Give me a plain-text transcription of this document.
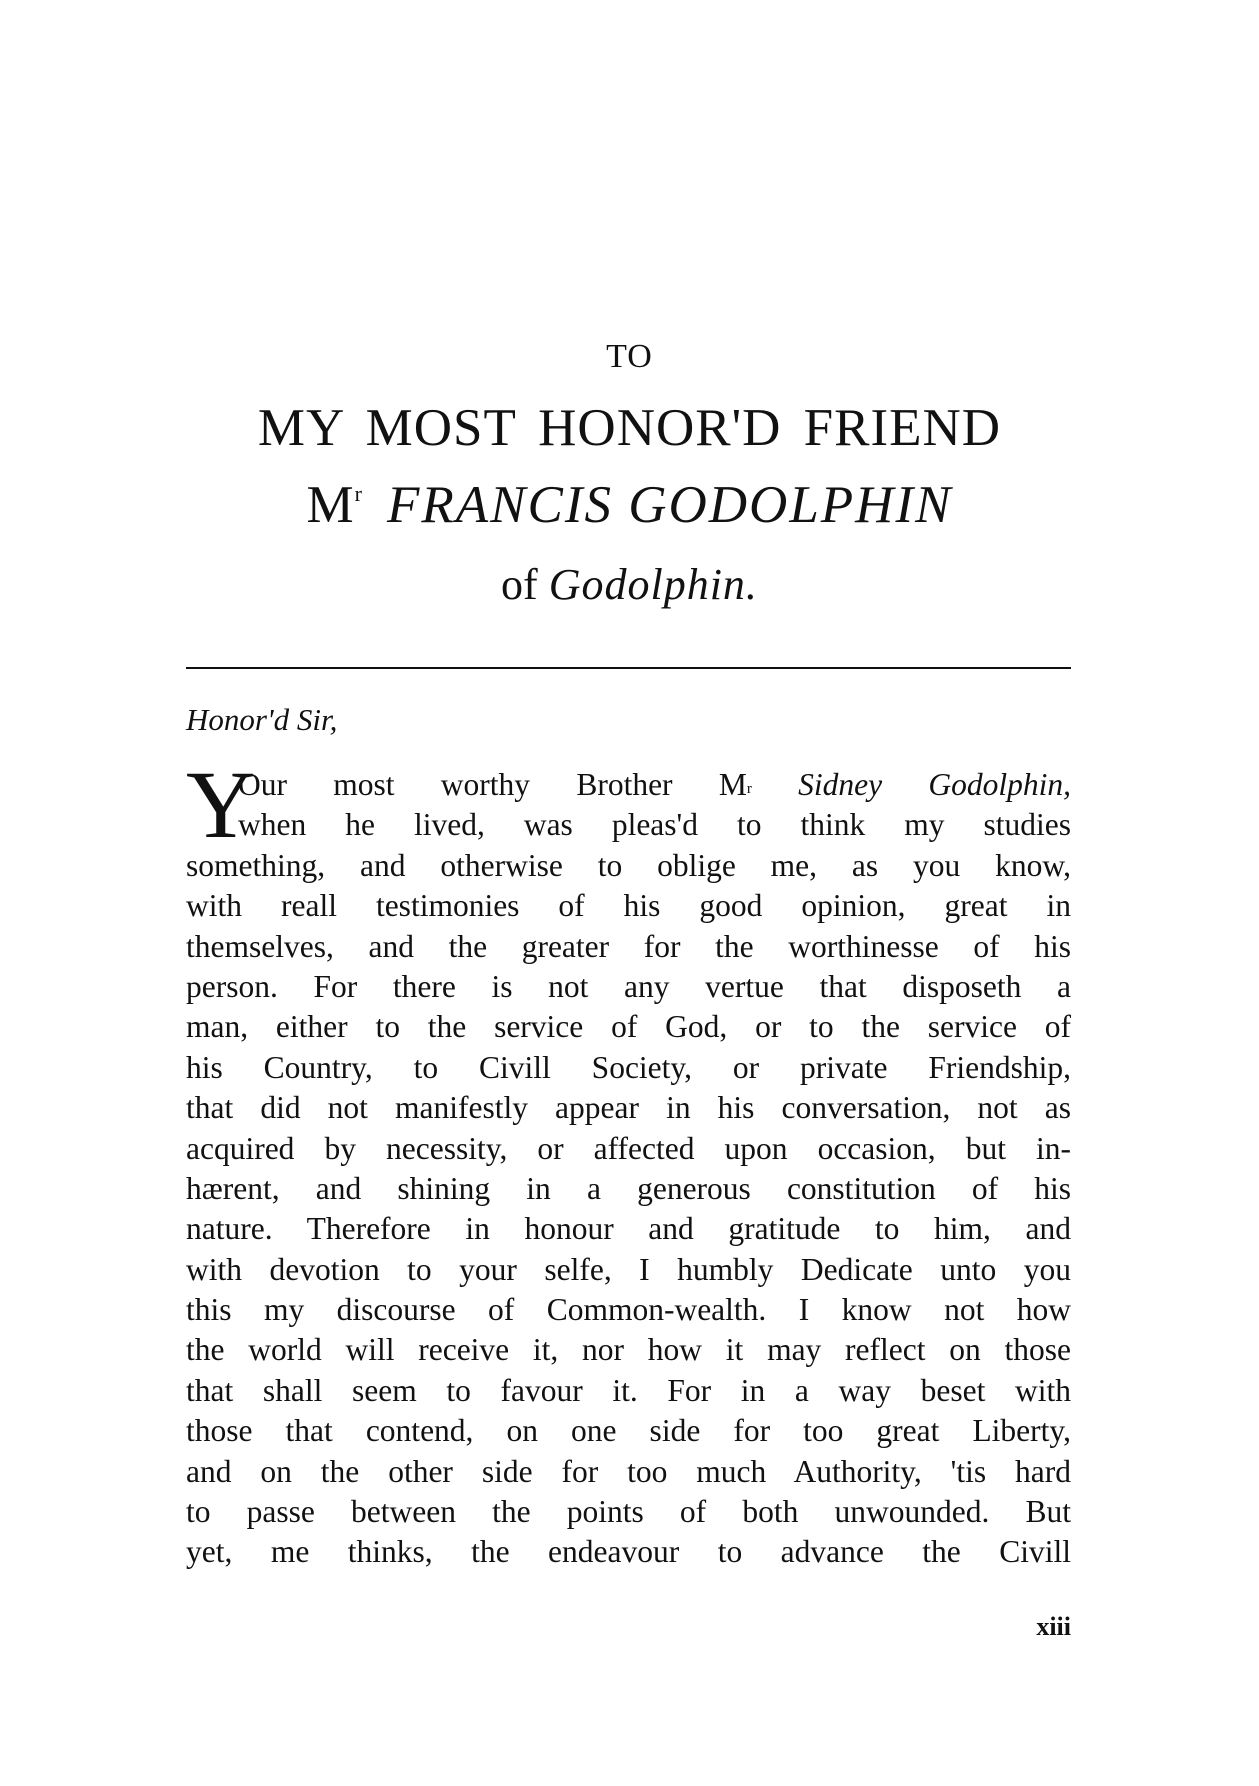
TO
MY MOST HONOR'D FRIEND
$M^r$ FRANCIS GODOLPHIN
of Godolphin.
Honor'd Sir,
Y
Our most worthy Brother $M^r$ Sidney Godolphin,
when he lived, was pleas'd to think my studies
something, and otherwise to oblige me, as you know,
with reall testimonies of his good opinion, great in
themselves, and the greater for the worthinesse of his
person. For there is not any vertue that disposeth a
man, either to the service of God, or to the service of
his Country, to Civill Society, or private Friendship,
that did not manifestly appear in his conversation, not as
acquired by necessity, or affected upon occasion, but in-
hærent, and shining in a generous constitution of his
nature. Therefore in honour and gratitude to him, and
with devotion to your selfe, I humbly Dedicate unto you
this my discourse of Common-wealth. I know not how
the world will receive it, nor how it may reflect on those
that shall seem to favour it. For in a way beset with
those that contend, on one side for too great Liberty,
and on the other side for too much Authority, 'tis hard
to passe between the points of both unwounded. But
yet, me thinks, the endeavour to advance the Civill
xiii
